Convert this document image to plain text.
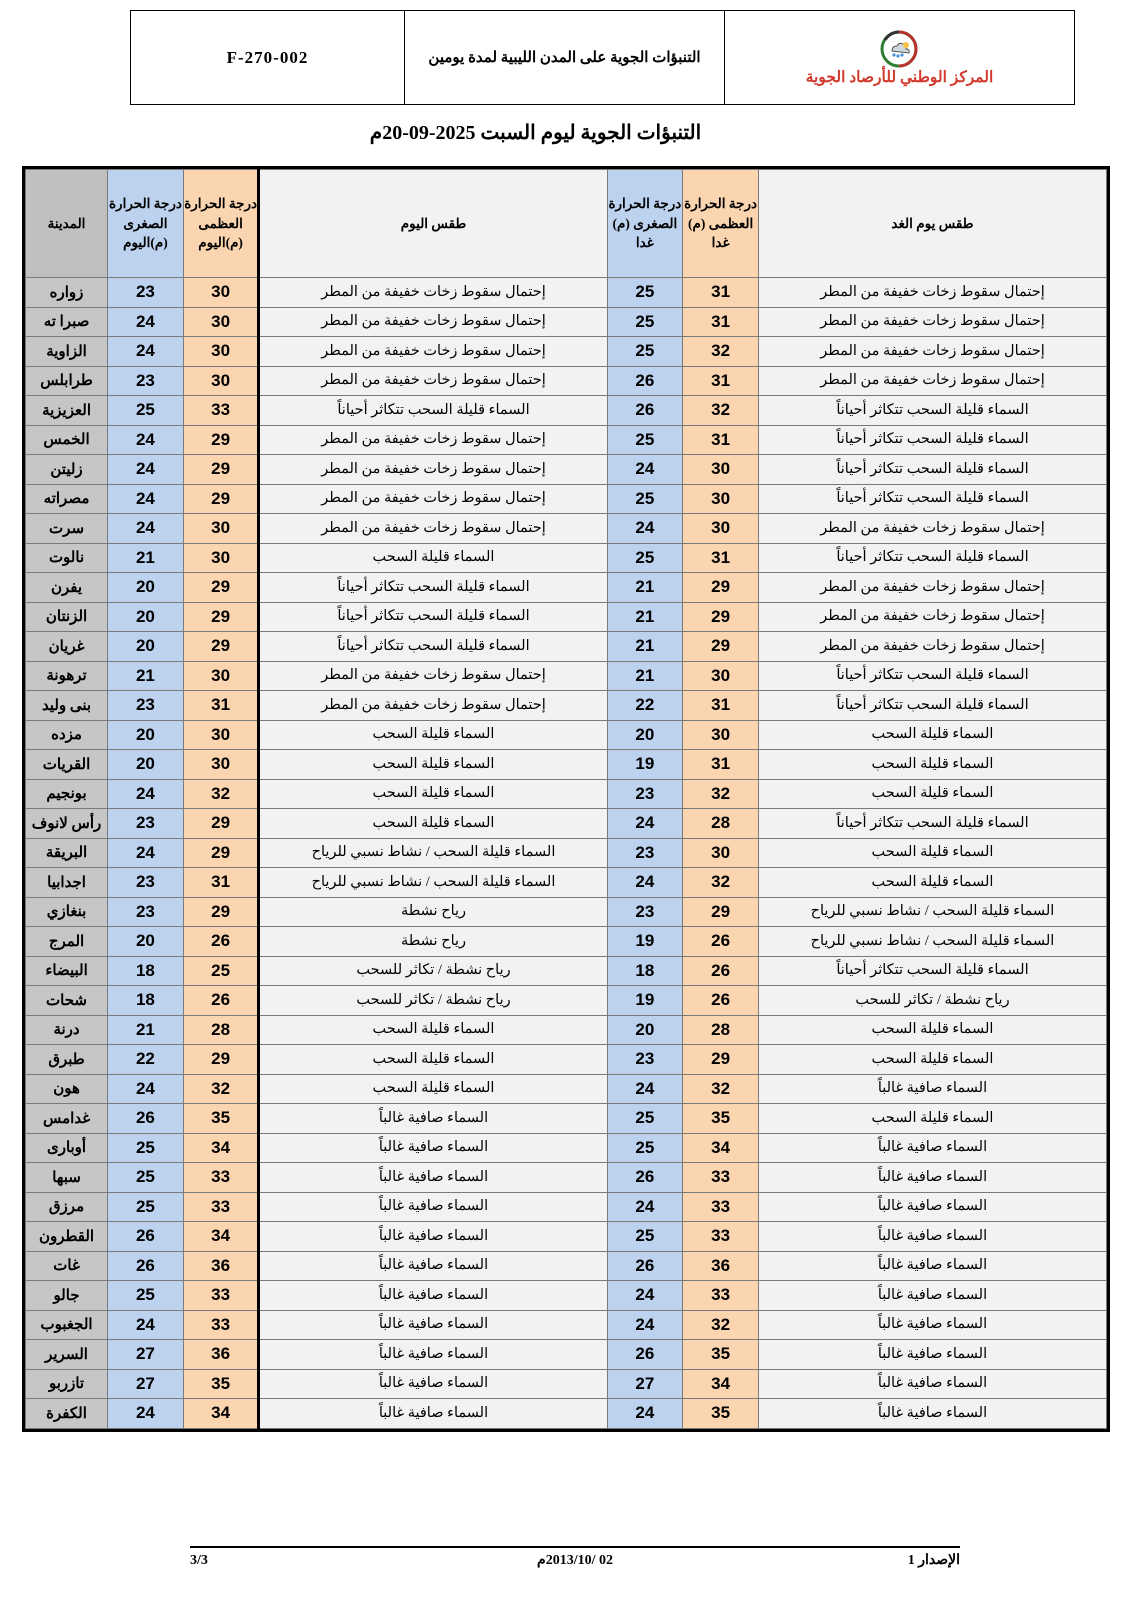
المركز الوطني للأرصاد الجوية
التنبؤات الجوية على المدن الليبية لمدة يومين
F-270-002
التنبؤات الجوية ليوم السبت 2025-09-20م
طقس يوم الغد	درجة الحرارة العظمى (م) غدا	درجة الحرارة الصغرى (م) غدا	طقس اليوم	درجة الحرارة العظمى (م)اليوم	درجة الحرارة الصغرى (م)اليوم	المدينة
إحتمال سقوط زخات خفيفة من المطر	31	25	إحتمال سقوط زخات خفيفة من المطر	30	23	زواره
إحتمال سقوط زخات خفيفة من المطر	31	25	إحتمال سقوط زخات خفيفة من المطر	30	24	صبرا ته
إحتمال سقوط زخات خفيفة من المطر	32	25	إحتمال سقوط زخات خفيفة من المطر	30	24	الزاوية
إحتمال سقوط زخات خفيفة من المطر	31	26	إحتمال سقوط زخات خفيفة من المطر	30	23	طرابلس
السماء قليلة السحب تتكاثر أحياناً	32	26	السماء قليلة السحب تتكاثر أحياناً	33	25	العزيزية
السماء قليلة السحب تتكاثر أحياناً	31	25	إحتمال سقوط زخات خفيفة من المطر	29	24	الخمس
السماء قليلة السحب تتكاثر أحياناً	30	24	إحتمال سقوط زخات خفيفة من المطر	29	24	زليتن
السماء قليلة السحب تتكاثر أحياناً	30	25	إحتمال سقوط زخات خفيفة من المطر	29	24	مصراته
إحتمال سقوط زخات خفيفة من المطر	30	24	إحتمال سقوط زخات خفيفة من المطر	30	24	سرت
السماء قليلة السحب تتكاثر أحياناً	31	25	السماء قليلة السحب	30	21	نالوت
إحتمال سقوط زخات خفيفة من المطر	29	21	السماء قليلة السحب تتكاثر أحياناً	29	20	يفرن
إحتمال سقوط زخات خفيفة من المطر	29	21	السماء قليلة السحب تتكاثر أحياناً	29	20	الزنتان
إحتمال سقوط زخات خفيفة من المطر	29	21	السماء قليلة السحب تتكاثر أحياناً	29	20	غريان
السماء قليلة السحب تتكاثر أحياناً	30	21	إحتمال سقوط زخات خفيفة من المطر	30	21	ترهونة
السماء قليلة السحب تتكاثر أحياناً	31	22	إحتمال سقوط زخات خفيفة من المطر	31	23	بنى وليد
السماء قليلة السحب	30	20	السماء قليلة السحب	30	20	مزده
السماء قليلة السحب	31	19	السماء قليلة السحب	30	20	القريات
السماء قليلة السحب	32	23	السماء قليلة السحب	32	24	بونجيم
السماء قليلة السحب تتكاثر أحياناً	28	24	السماء قليلة السحب	29	23	رأس لانوف
السماء قليلة السحب	30	23	السماء قليلة السحب / نشاط نسبي للرياح	29	24	البريقة
السماء قليلة السحب	32	24	السماء قليلة السحب / نشاط نسبي للرياح	31	23	اجدابيا
السماء قليلة السحب / نشاط نسبي للرياح	29	23	رياح نشطة	29	23	بنغازي
السماء قليلة السحب / نشاط نسبي للرياح	26	19	رياح نشطة	26	20	المرج
السماء قليلة السحب تتكاثر أحياناً	26	18	رياح نشطة / تكاثر للسحب	25	18	البيضاء
رياح نشطة / تكاثر للسحب	26	19	رياح نشطة / تكاثر للسحب	26	18	شحات
السماء قليلة السحب	28	20	السماء قليلة السحب	28	21	درنة
السماء قليلة السحب	29	23	السماء قليلة السحب	29	22	طبرق
السماء صافية غالباً	32	24	السماء قليلة السحب	32	24	هون
السماء قليلة السحب	35	25	السماء صافية غالباً	35	26	غدامس
السماء صافية غالباً	34	25	السماء صافية غالباً	34	25	أوبارى
السماء صافية غالباً	33	26	السماء صافية غالباً	33	25	سبها
السماء صافية غالباً	33	24	السماء صافية غالباً	33	25	مرزق
السماء صافية غالباً	33	25	السماء صافية غالباً	34	26	القطرون
السماء صافية غالباً	36	26	السماء صافية غالباً	36	26	غات
السماء صافية غالباً	33	24	السماء صافية غالباً	33	25	جالو
السماء صافية غالباً	32	24	السماء صافية غالباً	33	24	الجغبوب
السماء صافية غالباً	35	26	السماء صافية غالباً	36	27	السرير
السماء صافية غالباً	34	27	السماء صافية غالباً	35	27	تازربو
السماء صافية غالباً	35	24	السماء صافية غالباً	34	24	الكفرة
الإصدار 1
02 /2013/10م
3/3
